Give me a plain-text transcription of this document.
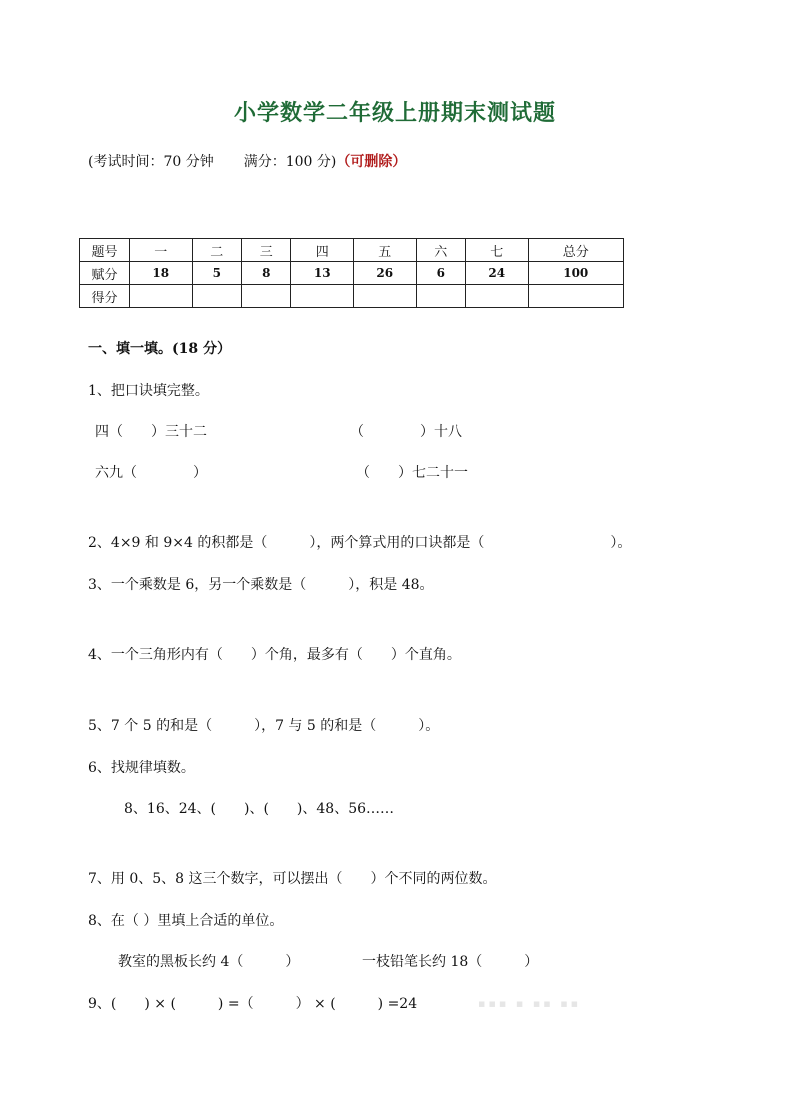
小学数学二年级上册期末测试题
(考试时间：70 分钟 满分：100 分)（可删除）
题号	一	二	三	四	五	六	七	总分
赋分	18	5	8	13	26	6	24	100
得分								
一、填一填。(18 分）
1、把口诀填完整。
四（　　）三十二	（　　　　）十八
六九（　　　　）	（　　）七二十一
2、4×9 和 9×4 的积都是（　　　），两个算式用的口诀都是（　　　　　　　　　）。
3、一个乘数是 6，另一个乘数是（　　　），积是 48。
4、一个三角形内有（　　）个角，最多有（　　）个直角。
5、7 个 5 的和是（　　　），7 与 5 的和是（　　　）。
6、找规律填数。
8、16、24、(　　)、(　　)、48、56……
7、用 0、5、8 这三个数字，可以摆出（　　）个不同的两位数。
8、在（ ）里填上合适的单位。
教室的黑板长约 4（　　　）	一枝铅笔长约 18（　　　）
9、(　　) × (　　　) =（　　　） × (　　　) =24	▪▪▪ ▪ ▪▪ ▪▪
